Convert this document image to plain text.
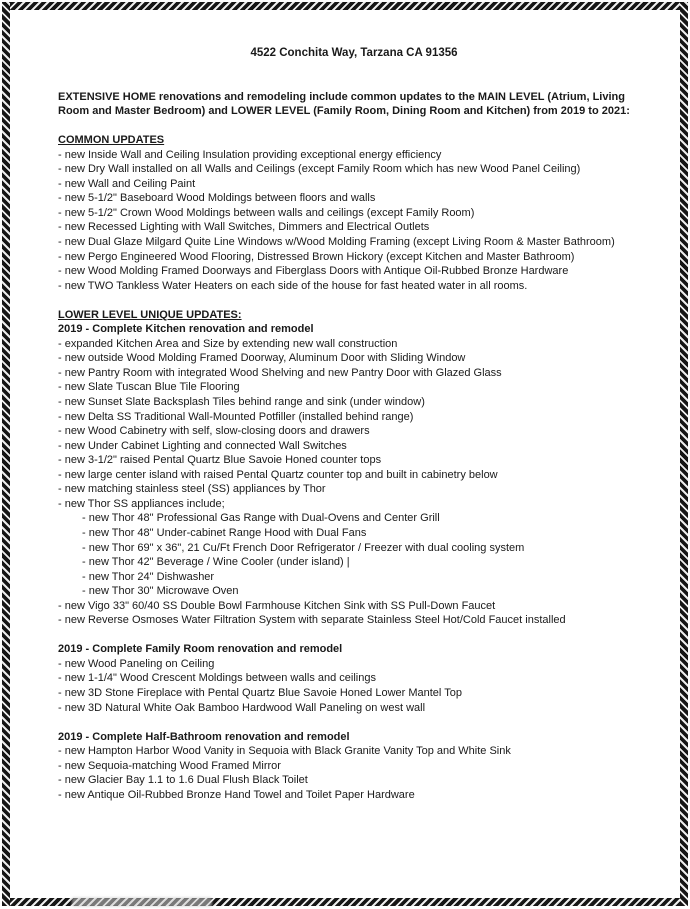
4522 Conchita Way, Tarzana CA 91356
EXTENSIVE HOME renovations and remodeling include common updates to the MAIN LEVEL (Atrium, Living
Room and Master Bedroom) and LOWER LEVEL (Family Room, Dining Room and Kitchen) from 2019 to 2021:
COMMON UPDATES
- new Inside Wall and Ceiling Insulation providing exceptional energy efficiency
- new Dry Wall installed on all Walls and Ceilings (except Family Room which has new Wood Panel Ceiling)
- new Wall and Ceiling Paint
- new 5-1/2" Baseboard Wood Moldings between floors and walls
- new 5-1/2" Crown Wood Moldings between walls and ceilings (except Family Room)
- new Recessed Lighting with Wall Switches, Dimmers and Electrical Outlets
- new Dual Glaze Milgard Quite Line Windows w/Wood Molding Framing (except Living Room & Master Bathroom)
- new Pergo Engineered Wood Flooring, Distressed Brown Hickory (except Kitchen and Master Bathroom)
- new Wood Molding Framed Doorways and Fiberglass Doors with Antique Oil-Rubbed Bronze Hardware
- new TWO Tankless Water Heaters on each side of the house for fast heated water in all rooms.
LOWER LEVEL UNIQUE UPDATES:
2019 - Complete Kitchen renovation and remodel
- expanded Kitchen Area and Size by extending new wall construction
- new outside Wood Molding Framed Doorway, Aluminum Door with Sliding Window
- new Pantry Room with integrated Wood Shelving and new Pantry Door with Glazed Glass
- new Slate Tuscan Blue Tile Flooring
- new Sunset Slate Backsplash Tiles behind range and sink (under window)
- new Delta SS Traditional Wall-Mounted Potfiller (installed behind range)
- new Wood Cabinetry with self, slow-closing doors and drawers
- new Under Cabinet Lighting and connected Wall Switches
- new 3-1/2" raised Pental Quartz Blue Savoie Honed counter tops
- new large center island with raised Pental Quartz counter top and built in cabinetry below
- new matching stainless steel (SS) appliances by Thor
- new Thor SS appliances include;
- new Thor 48" Professional Gas Range with Dual-Ovens and Center Grill
- new Thor 48" Under-cabinet Range Hood with Dual Fans
- new Thor 69" x 36", 21 Cu/Ft French Door Refrigerator / Freezer with dual cooling system
- new Thor 42" Beverage / Wine Cooler (under island) |
- new Thor 24" Dishwasher
- new Thor 30" Microwave Oven
- new Vigo 33" 60/40 SS Double Bowl Farmhouse Kitchen Sink with SS Pull-Down Faucet
- new Reverse Osmoses Water Filtration System with separate Stainless Steel Hot/Cold Faucet installed
2019 - Complete Family Room renovation and remodel
- new Wood Paneling on Ceiling
- new 1-1/4" Wood Crescent Moldings between walls and ceilings
- new 3D Stone Fireplace with Pental Quartz Blue Savoie Honed Lower Mantel Top
- new 3D Natural White Oak Bamboo Hardwood Wall Paneling on west wall
2019 - Complete Half-Bathroom renovation and remodel
- new Hampton Harbor Wood Vanity in Sequoia with Black Granite Vanity Top and White Sink
- new Sequoia-matching Wood Framed Mirror
- new Glacier Bay 1.1 to 1.6 Dual Flush Black Toilet
- new Antique Oil-Rubbed Bronze Hand Towel and Toilet Paper Hardware
